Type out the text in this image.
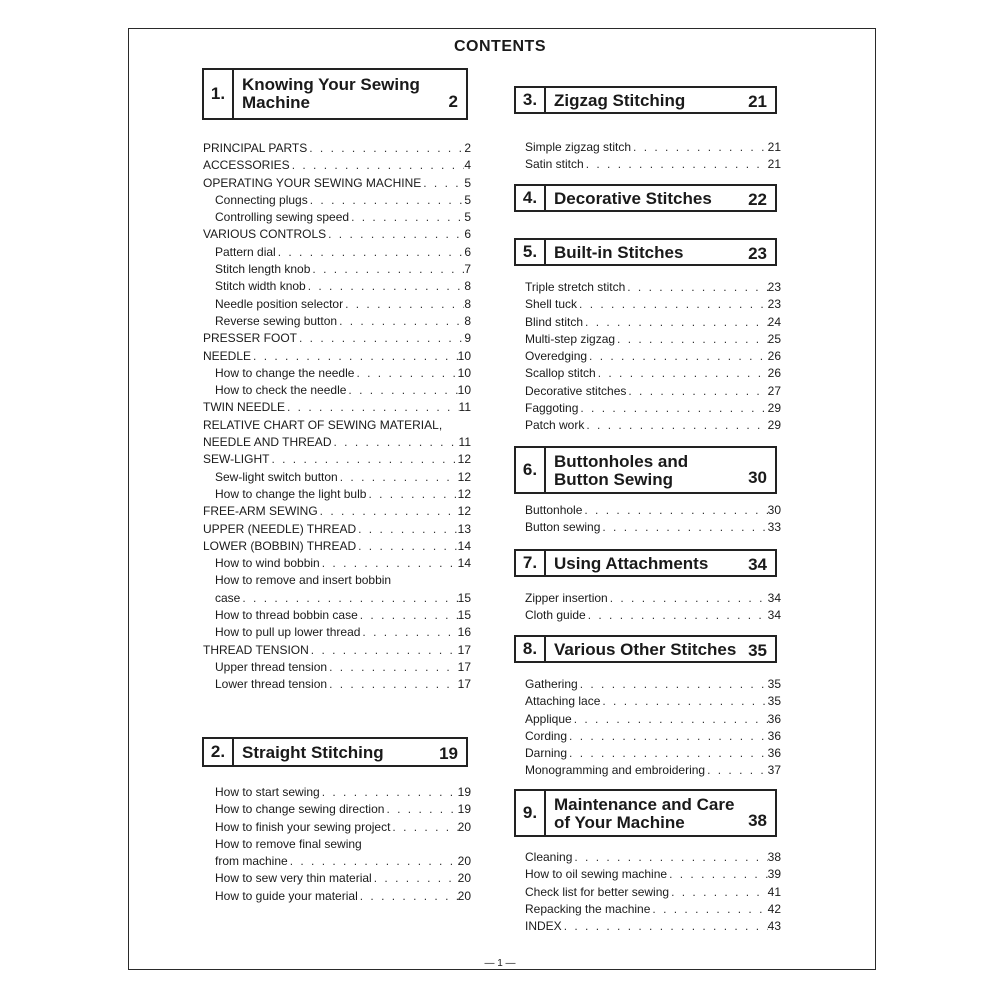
CONTENTS
1. Knowing Your Sewing
Machine	2
PRINCIPAL PARTS . . .	2
ACCESSORIES . . .	4
OPERATING YOUR SEWING MACHINE . . .	5
Connecting plugs . . .	5
Controlling sewing speed . . .	5
VARIOUS CONTROLS . . .	6
Pattern dial . . .	6
Stitch length knob . . .	7
Stitch width knob . . .	8
Needle position selector . . .	8
Reverse sewing button . . .	8
PRESSER FOOT . . .	9
NEEDLE . . .	10
How to change the needle . . .	10
How to check the needle . . .	10
TWIN NEEDLE . . .	11
RELATIVE CHART OF SEWING MATERIAL,
NEEDLE AND THREAD . . .	11
SEW-LIGHT . . .	12
Sew-light switch button . . .	12
How to change the light bulb . . .	12
FREE-ARM SEWING . . .	12
UPPER (NEEDLE) THREAD . . .	13
LOWER (BOBBIN) THREAD . . .	14
How to wind bobbin . . .	14
How to remove and insert bobbin
case . . .	15
How to thread bobbin case . . .	15
How to pull up lower thread . . .	16
THREAD TENSION . . .	17
Upper thread tension . . .	17
Lower thread tension . . .	17
2. Straight Stitching	19
How to start sewing . . .	19
How to change sewing direction . . .	19
How to finish your sewing project . . .	20
How to remove final sewing
from machine . . .	20
How to sew very thin material . . .	20
How to guide your material . . .	20
3. Zigzag Stitching	21
Simple zigzag stitch . . .	21
Satin stitch . . .	21
4. Decorative Stitches	22
5. Built-in Stitches	23
Triple stretch stitch . . .	23
Shell tuck . . .	23
Blind stitch . . .	24
Multi-step zigzag . . .	25
Overedging . . .	26
Scallop stitch . . .	26
Decorative stitches . . .	27
Faggoting . . .	29
Patch work . . .	29
6. Buttonholes and
Button Sewing	30
Buttonhole . . .	30
Button sewing . . .	33
7. Using Attachments	34
Zipper insertion . . .	34
Cloth guide . . .	34
8. Various Other Stitches 35
Gathering . . .	35
Attaching lace . . .	35
Applique . . .	36
Cording . . .	36
Darning . . .	36
Monogramming and embroidering . . .	37
9. Maintenance and Care
of Your Machine	38
Cleaning . . .	38
How to oil sewing machine . . .	39
Check list for better sewing . . .	41
Repacking the machine . . .	42
INDEX . . .	43
— 1 —
